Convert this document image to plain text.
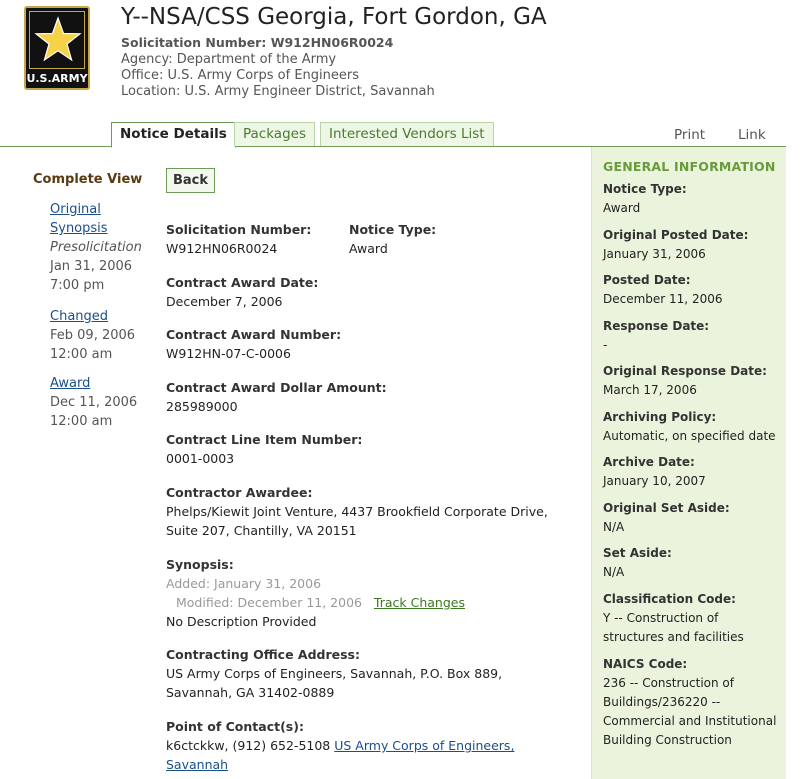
U.S.ARMY
Y--NSA/CSS Georgia, Fort Gordon, GA
Solicitation Number: W912HN06R0024
Agency: Department of the Army
Office: U.S. Army Corps of Engineers
Location: U.S. Army Engineer District, Savannah
Notice Details	Packages	Interested Vendors List	Print Link
Complete View
Original
Synopsis
Presolicitation
Jan 31, 2006
7:00 pm
Changed
Feb 09, 2006
12:00 am
Award
Dec 11, 2006
12:00 am
Back
Solicitation Number:
W912HN06R0024
Notice Type:
Award
Contract Award Date:
December 7, 2006
Contract Award Number:
W912HN-07-C-0006
Contract Award Dollar Amount:
285989000
Contract Line Item Number:
0001-0003
Contractor Awardee:
Phelps/Kiewit Joint Venture, 4437 Brookfield Corporate Drive,
Suite 207, Chantilly, VA 20151
Synopsis:
Added: January 31, 2006
Modified: December 11, 2006 Track Changes
No Description Provided
Contracting Office Address:
US Army Corps of Engineers, Savannah, P.O. Box 889,
Savannah, GA 31402-0889
Point of Contact(s):
k6ctckkw, (912) 652-5108 US Army Corps of Engineers,
Savannah
GENERAL INFORMATION
Notice Type:
Award
Original Posted Date:
January 31, 2006
Posted Date:
December 11, 2006
Response Date:
-
Original Response Date:
March 17, 2006
Archiving Policy:
Automatic, on specified date
Archive Date:
January 10, 2007
Original Set Aside:
N/A
Set Aside:
N/A
Classification Code:
Y -- Construction of
structures and facilities
NAICS Code:
236 -- Construction of
Buildings/236220 --
Commercial and Institutional
Building Construction
